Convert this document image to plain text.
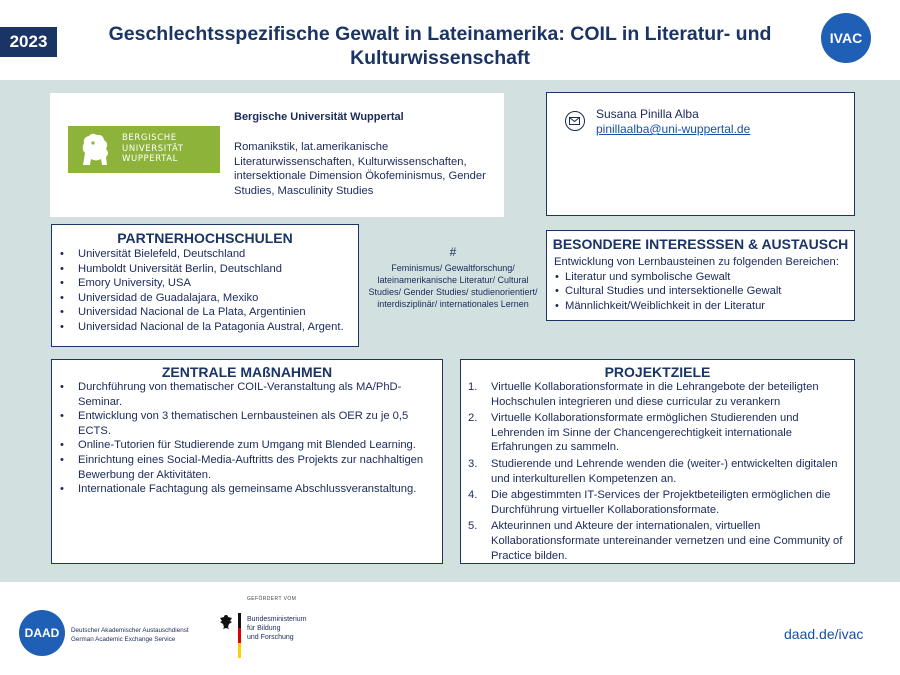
2023	Geschlechtsspezifische Gewalt in Lateinamerika: COIL in Literatur- und
Kulturwissenschaft
IVAC
BERGISCHE
UNIVERSITÄT
WUPPERTAL
Bergische Universität Wuppertal
Romanikstik, lat.amerikanische Literaturwissenschaften, Kulturwissenschaften, intersektionale Dimension Ökofeminismus, Gender Studies, Masculinity Studies
Susana Pinilla Alba
pinillaalba@uni-wuppertal.de
PARTNERHOCHSCHULEN
• Universität Bielefeld, Deutschland
• Humboldt Universität Berlin, Deutschland
• Emory University, USA
• Universidad de Guadalajara, Mexiko
• Universidad Nacional de La Plata, Argentinien
• Universidad Nacional de la Patagonia Austral, Argent.
#
Feminismus/ Gewaltforschung/ lateinamerikanische Literatur/ Cultural Studies/ Gender Studies/ studienorientiert/ interdisziplinär/ internationales Lernen
BESONDERE INTERESSSEN & AUSTAUSCH
Entwicklung von Lernbausteinen zu folgenden Bereichen:
• Literatur und symbolische Gewalt
• Cultural Studies und intersektionelle Gewalt
• Männlichkeit/Weiblichkeit in der Literatur
ZENTRALE MAßNAHMEN
• Durchführung von thematischer COIL-Veranstaltung als MA/PhD-Seminar.
• Entwicklung von 3 thematischen Lernbausteinen als OER zu je 0,5 ECTS.
• Online-Tutorien für Studierende zum Umgang mit Blended Learning.
• Einrichtung eines Social-Media-Auftritts des Projekts zur nachhaltigen Bewerbung der Aktivitäten.
• Internationale Fachtagung als gemeinsame Abschlussveranstaltung.
PROJEKTZIELE
1. Virtuelle Kollaborationsformate in die Lehrangebote der beteiligten Hochschulen integrieren und diese curricular zu verankern
2. Virtuelle Kollaborationsformate ermöglichen Studierenden und Lehrenden im Sinne der Chancengerechtigkeit internationale Erfahrungen zu sammeln.
3. Studierende und Lehrende wenden die (weiter-) entwickelten digitalen und interkulturellen Kompetenzen an.
4. Die abgestimmten IT-Services der Projektbeteiligten ermöglichen die Durchführung virtueller Kollaborationsformate.
5. Akteurinnen und Akteure der internationalen, virtuellen Kollaborationsformate untereinander vernetzen und eine Community of Practice bilden.
DAAD	Deutscher Akademischer Austauschdienst
German Academic Exchange Service
GEFÖRDERT VOM
Bundesministerium
für Bildung
und Forschung	daad.de/ivac
